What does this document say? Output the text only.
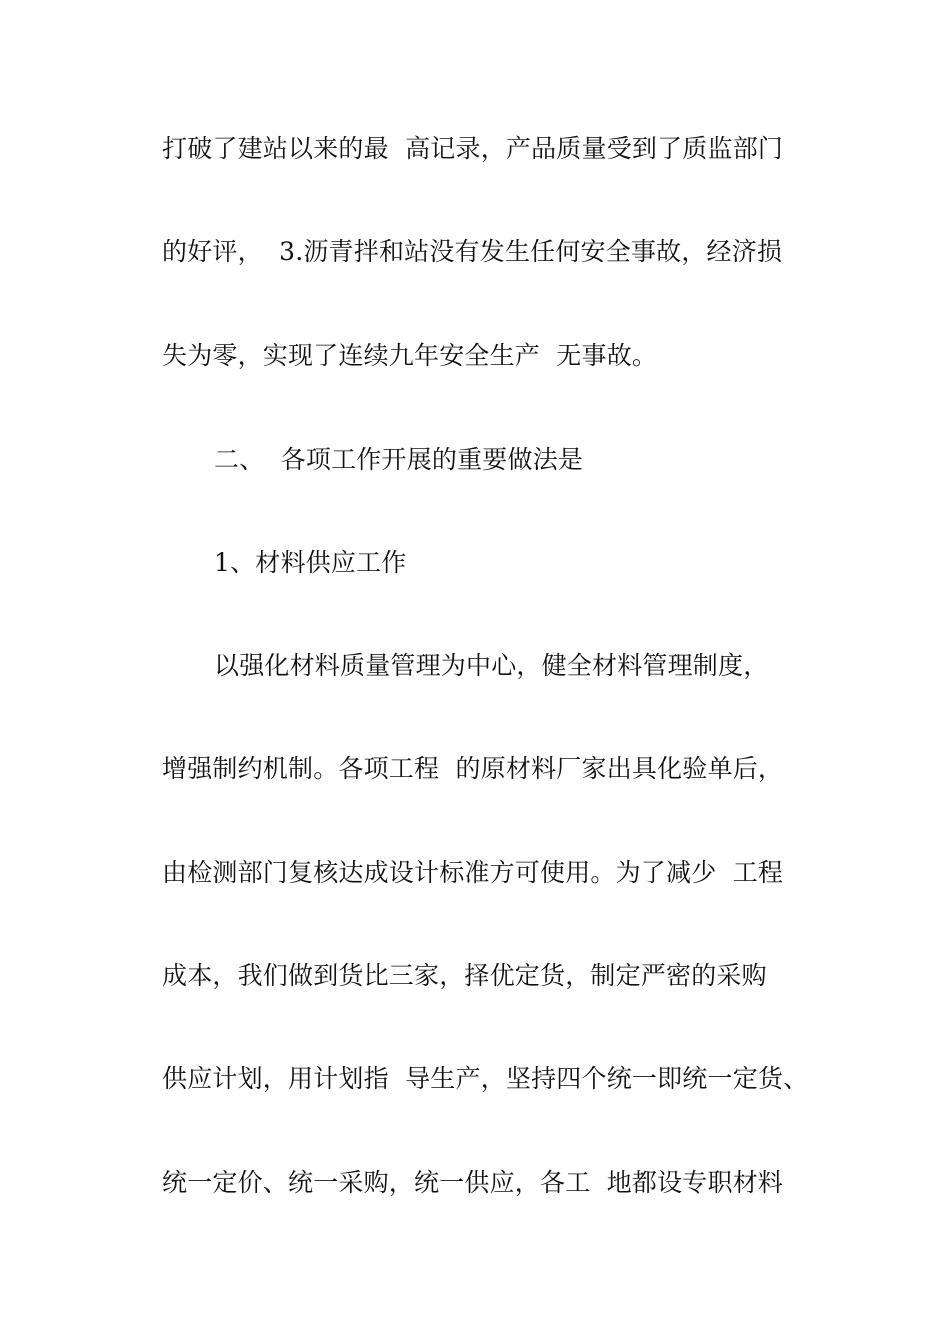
打破了建站以来的最  高记录，产品质量受到了质监部门
的好评，  3.沥青拌和站没有发生任何安全事故，经济损
失为零，实现了连续九年安全生产  无事故。
二、  各项工作开展的重要做法是
1、材料供应工作
以强化材料质量管理为中心，健全材料管理制度，
增强制约机制。各项工程  的原材料厂家出具化验单后，
由检测部门复核达成设计标准方可使用。为了减少  工程
成本，我们做到货比三家，择优定货，制定严密的采购
供应计划，用计划指  导生产，坚持四个统一即统一定货、
统一定价、统一采购，统一供应，各工  地都设专职材料
